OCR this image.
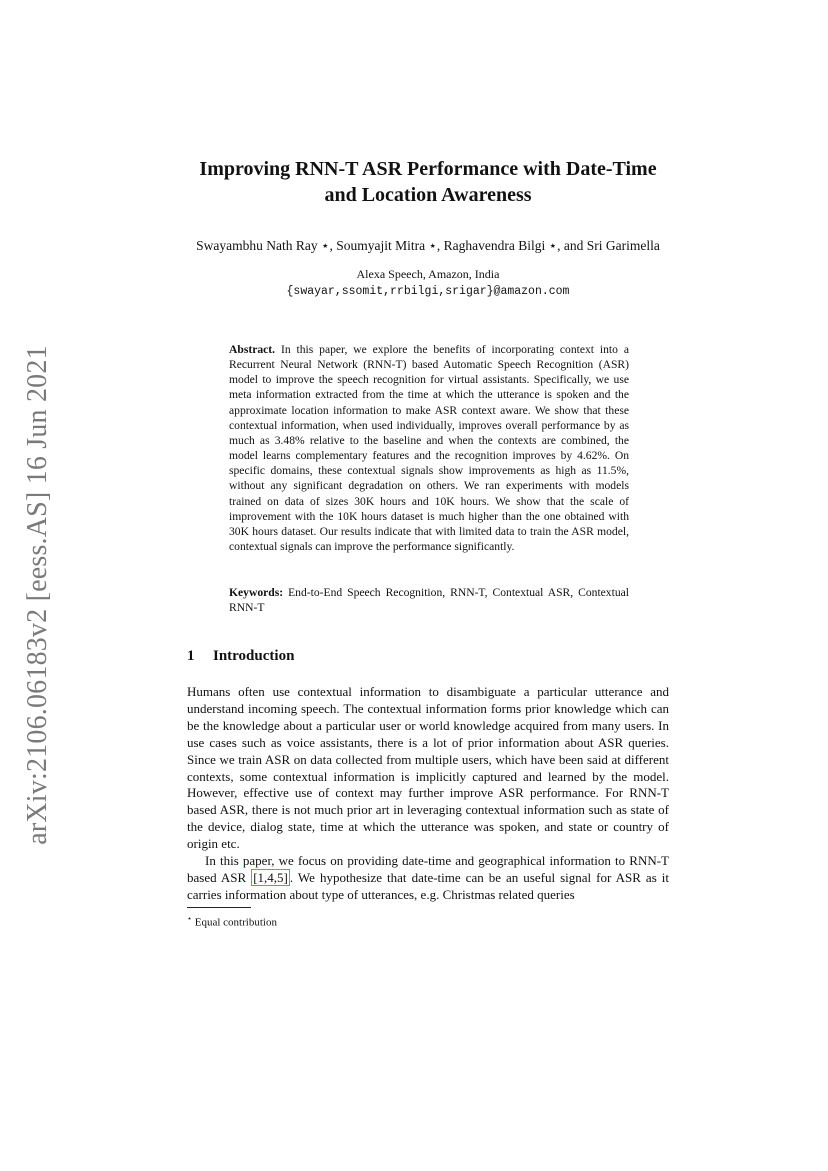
arXiv:2106.06183v2 [eess.AS] 16 Jun 2021
Improving RNN-T ASR Performance with Date-Time
and Location Awareness
Swayambhu Nath Ray ⋆, Soumyajit Mitra ⋆, Raghavendra Bilgi ⋆, and Sri Garimella
Alexa Speech, Amazon, India
{swayar,ssomit,rrbilgi,srigar}@amazon.com
Abstract. In this paper, we explore the benefits of incorporating context into a Recurrent Neural Network (RNN-T) based Automatic Speech Recognition (ASR) model to improve the speech recognition for virtual assistants. Specifically, we use meta information extracted from the time at which the utterance is spoken and the approximate location information to make ASR context aware. We show that these contextual information, when used individually, improves overall performance by as much as 3.48% relative to the baseline and when the contexts are combined, the model learns complementary features and the recognition improves by 4.62%. On specific domains, these contextual signals show improvements as high as 11.5%, without any significant degradation on others. We ran experiments with models trained on data of sizes 30K hours and 10K hours. We show that the scale of improvement with the 10K hours dataset is much higher than the one obtained with 30K hours dataset. Our results indicate that with limited data to train the ASR model, contextual signals can improve the performance significantly.
Keywords: End-to-End Speech Recognition, RNN-T, Contextual ASR, Contextual RNN-T
1 Introduction

Humans often use contextual information to disambiguate a particular utterance and understand incoming speech. The contextual information forms prior knowledge which can be the knowledge about a particular user or world knowledge acquired from many users. In use cases such as voice assistants, there is a lot of prior information about ASR queries. Since we train ASR on data collected from multiple users, which have been said at different contexts, some contextual information is implicitly captured and learned by the model. However, effective use of context may further improve ASR performance. For RNN-T based ASR, there is not much prior art in leveraging contextual information such as state of the device, dialog state, time at which the utterance was spoken, and state or country of origin etc.

In this paper, we focus on providing date-time and geographical information to RNN-T based ASR [1,4,5] . We hypothesize that date-time can be an useful signal for ASR as it carries information about type of utterances, e.g. Christmas related queries

⋆ Equal contribution
